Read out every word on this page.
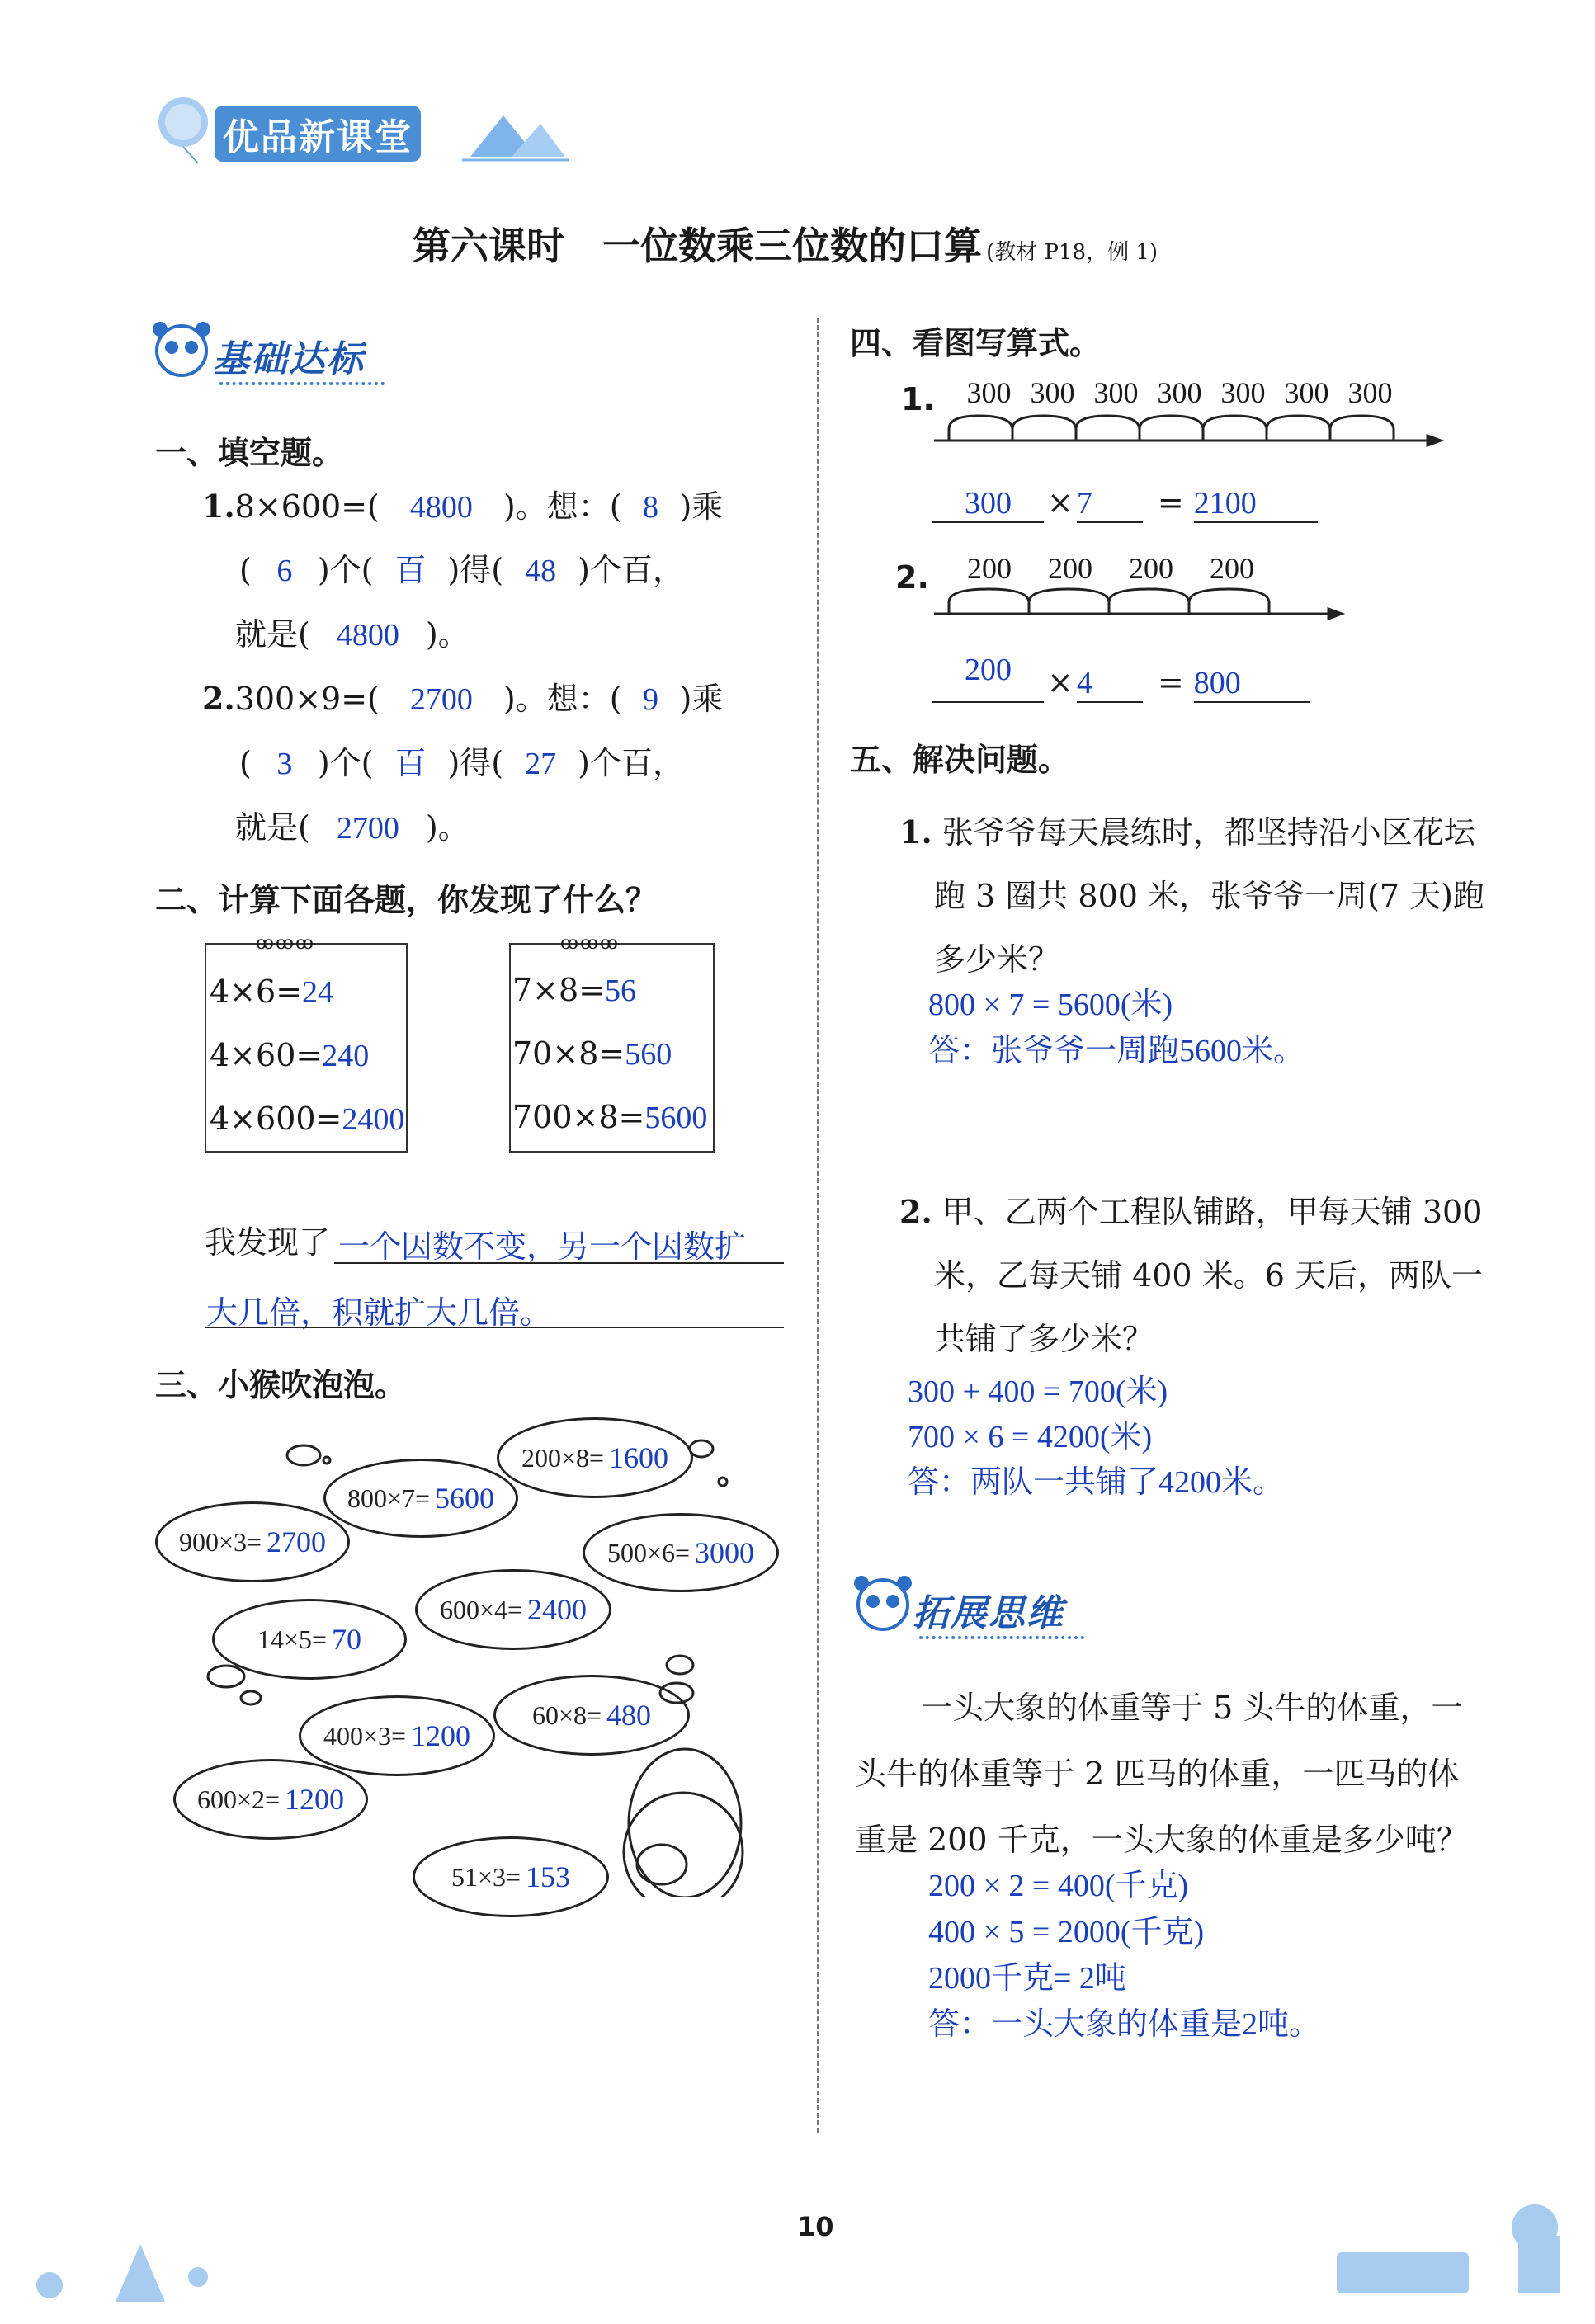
优品新课堂
第六课时　一位数乘三位数的口算 (教材 P18，例 1)
基础达标
一、填空题。
1.8×600=( 4800 )。想：( 8 )乘
( 6 )个( 百 )得( 48 )个百，
就是( 4800 )。
2.300×9=( 2700 )。想：( 9 )乘
( 3 )个( 百 )得( 27 )个百，
就是( 2700 )。
二、计算下面各题，你发现了什么？
ꝏꝏꝏ
4×6=24
4×60=240
4×600=2400
ꝏꝏꝏ
7×8=56
70×8=560
700×8=5600
我发现了 一个因数不变，另一个因数扩
大几倍，积就扩大几倍。
三、小猴吹泡泡。
200×8= 1600
800×7= 5600
900×3= 2700	500×6= 3000
600×4= 2400
14×5= 70
60×8= 480
400×3= 1200
600×2= 1200
51×3= 153
四、看图写算式。
1.	300 300 300 300 300 300 300
300 × 7 = 2100
2.	200 200 200 200
200 × 4 = 800
五、解决问题。
1. 张爷爷每天晨练时，都坚持沿小区花坛
跑 3 圈共 800 米，张爷爷一周(7 天)跑
多少米？
800 × 7 = 5600(米)
答：张爷爷一周跑5600米。
2. 甲、乙两个工程队铺路，甲每天铺 300
米，乙每天铺 400 米。6 天后，两队一
共铺了多少米？
300 + 400 = 700(米)
700 × 6 = 4200(米)
答：两队一共铺了4200米。
拓展思维
一头大象的体重等于 5 头牛的体重，一
头牛的体重等于 2 匹马的体重，一匹马的体
重是 200 千克，一头大象的体重是多少吨？
200 × 2 = 400(千克)
400 × 5 = 2000(千克)
2000千克= 2吨
答：一头大象的体重是2吨。
10
